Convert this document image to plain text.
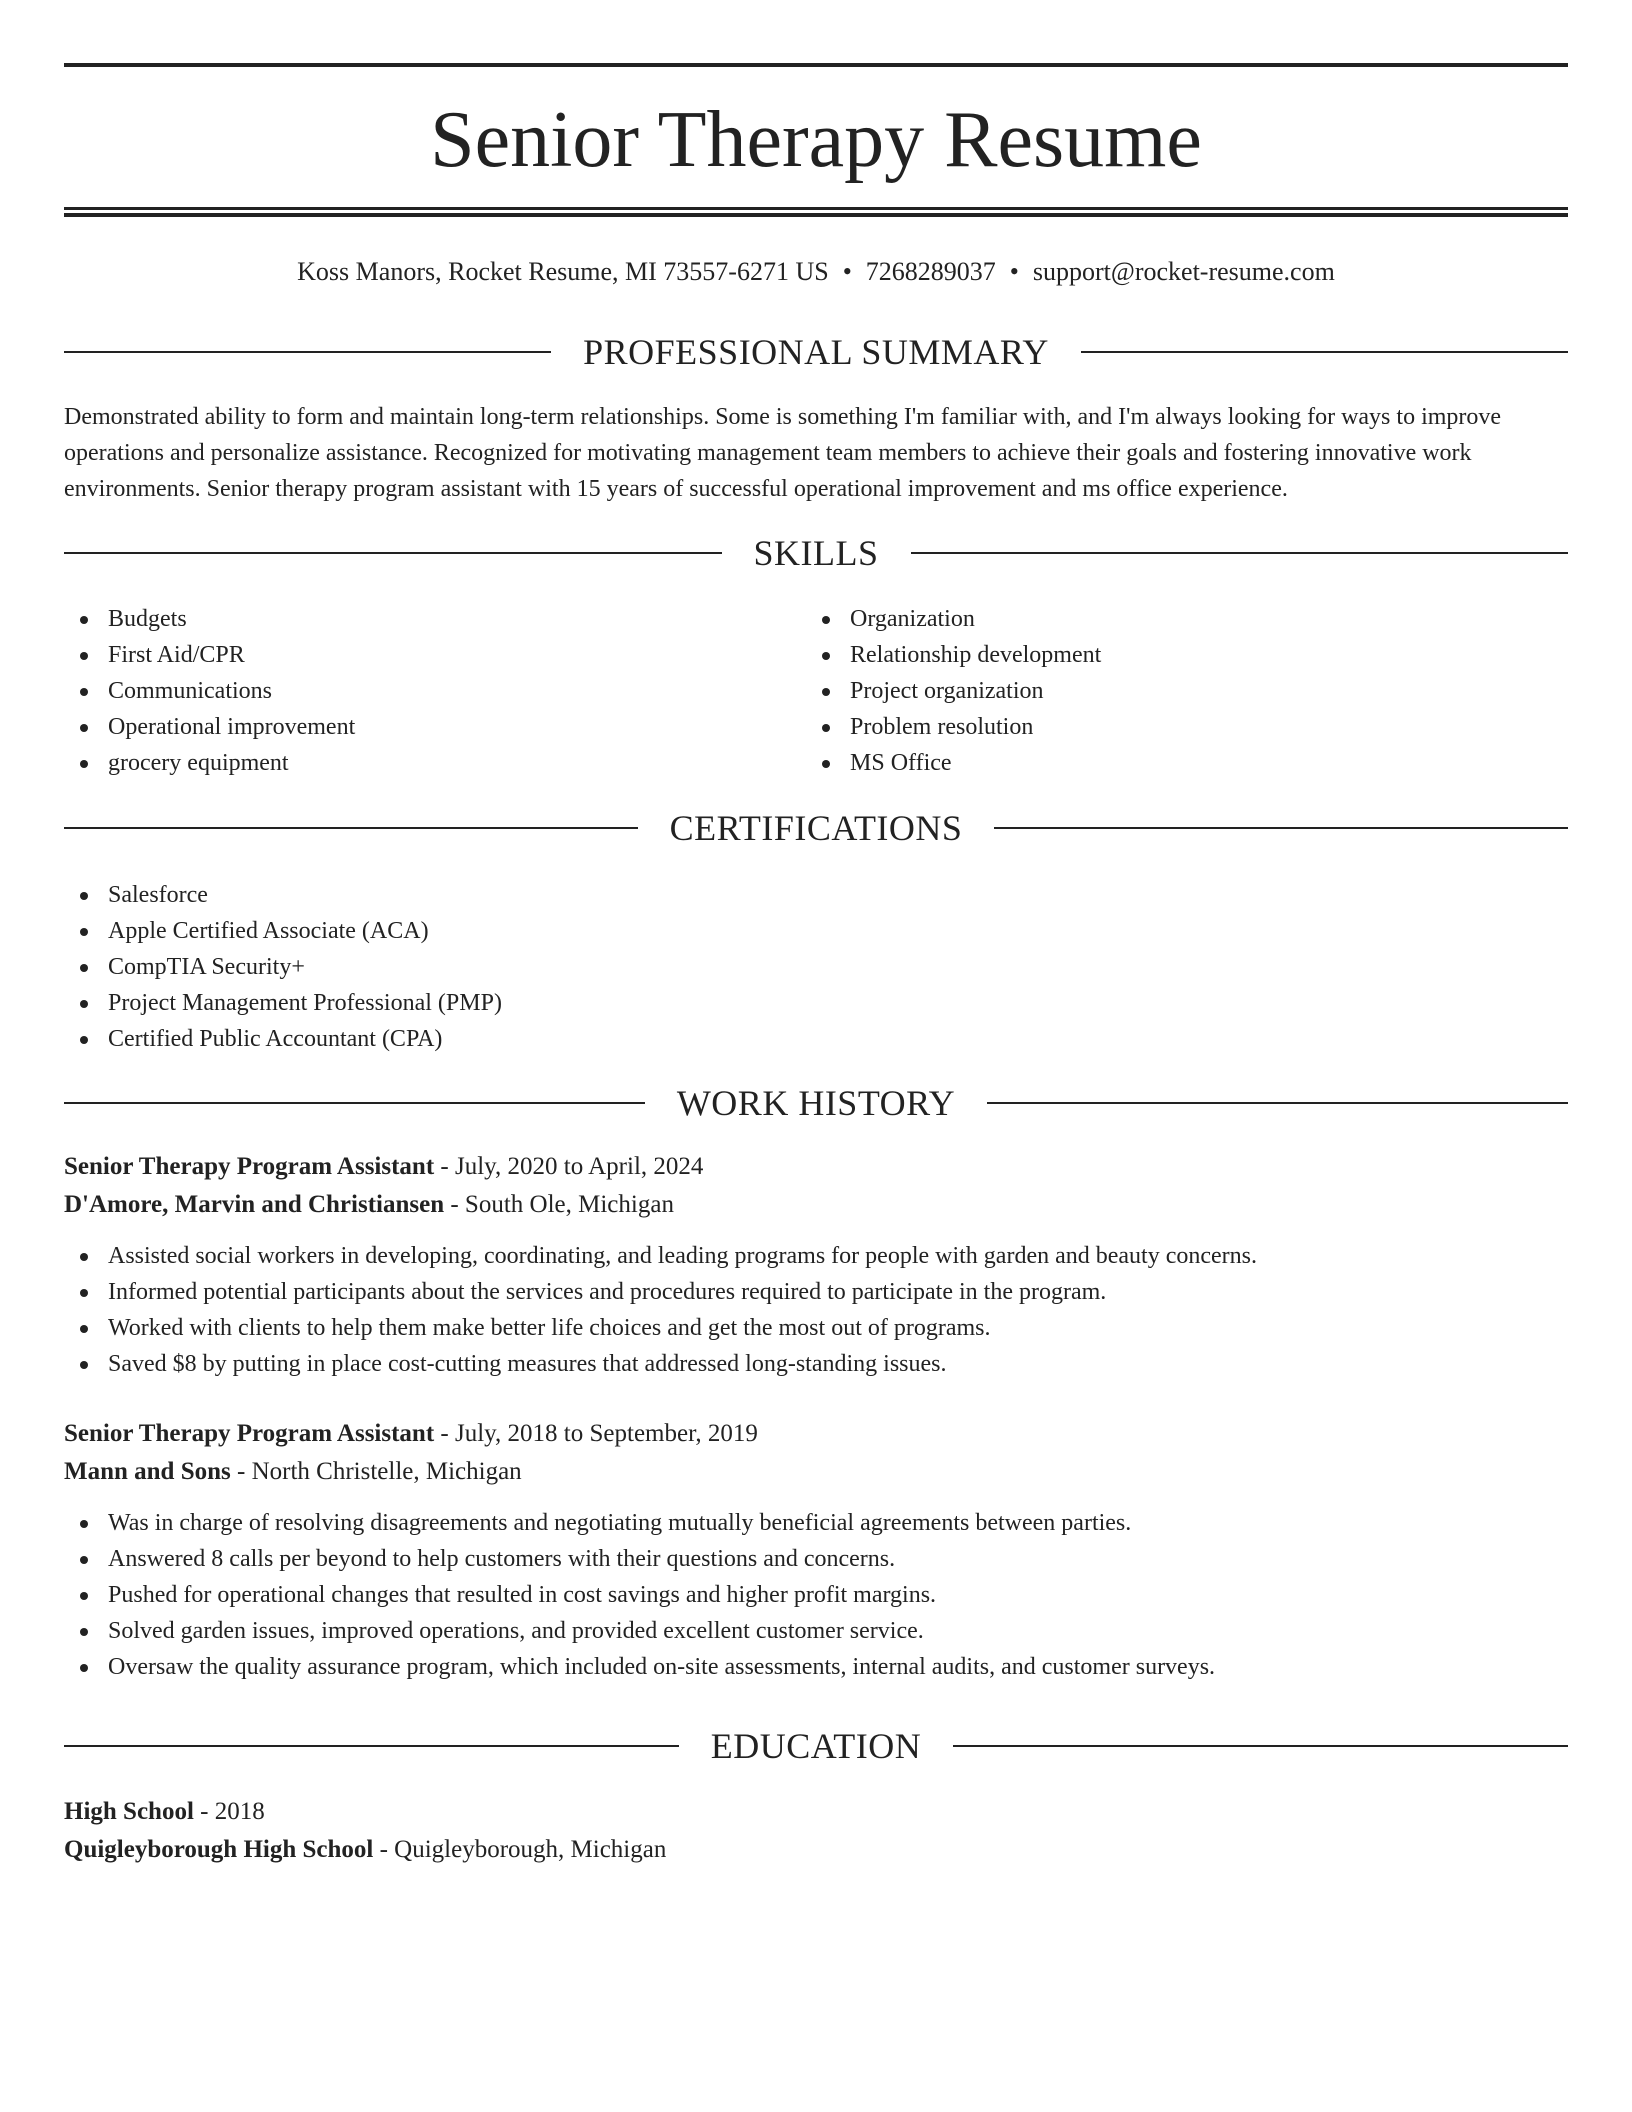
Senior Therapy Resume
Koss Manors, Rocket Resume, MI 73557-6271 US • 7268289037 • support@rocket-resume.com
PROFESSIONAL SUMMARY

Demonstrated ability to form and maintain long-term relationships. Some is something I'm familiar with, and I'm always looking for ways to improve operations and personalize assistance. Recognized for motivating management team members to achieve their goals and fostering innovative work environments. Senior therapy program assistant with 15 years of successful operational improvement and ms office experience.

SKILLS
Budgets
First Aid/CPR
Communications
Operational improvement
grocery equipment
Organization
Relationship development
Project organization
Problem resolution
MS Office
CERTIFICATIONS
Salesforce
Apple Certified Associate (ACA)
CompTIA Security+
Project Management Professional (PMP)
Certified Public Accountant (CPA)
WORK HISTORY
Senior Therapy Program Assistant - July, 2020 to April, 2024
D'Amore, Marvin and Christiansen - South Ole, Michigan
Assisted social workers in developing, coordinating, and leading programs for people with garden and beauty concerns.
Informed potential participants about the services and procedures required to participate in the program.
Worked with clients to help them make better life choices and get the most out of programs.
Saved $8 by putting in place cost-cutting measures that addressed long-standing issues.
Senior Therapy Program Assistant - July, 2018 to September, 2019
Mann and Sons - North Christelle, Michigan
Was in charge of resolving disagreements and negotiating mutually beneficial agreements between parties.
Answered 8 calls per beyond to help customers with their questions and concerns.
Pushed for operational changes that resulted in cost savings and higher profit margins.
Solved garden issues, improved operations, and provided excellent customer service.
Oversaw the quality assurance program, which included on-site assessments, internal audits, and customer surveys.
EDUCATION
High School - 2018
Quigleyborough High School - Quigleyborough, Michigan
